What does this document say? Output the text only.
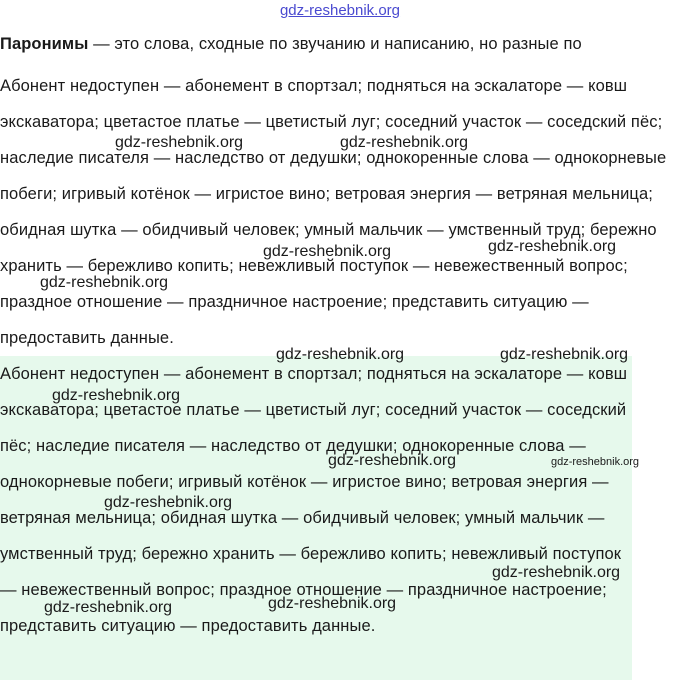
gdz-reshebnik.org

Паронимы — это слова, сходные по звучанию и написанию, но разные по

Абонент недоступен — абонемент в спортзал; подняться на эскалаторе — ковш экскаватора; цветастое платье — цветистый луг; соседний участок — соседский пёс; наследие писателя — наследство от дедушки; однокоренные слова — однокорневые побеги; игривый котёнок — игристое вино; ветровая энергия — ветряная мельница; обидная шутка — обидчивый человек; умный мальчик — умственный труд; бережно хранить — бережливо копить; невежливый поступок — невежественный вопрос; праздное отношение — праздничное настроение; представить ситуацию — предоставить данные.

Абонент недоступен — абонемент в спортзал; подняться на эскалаторе — ковш экскаватора; цветастое платье — цветистый луг; соседний участок — соседский пёс; наследие писателя — наследство от дедушки; однокоренные слова — однокорневые побеги; игривый котёнок — игристое вино; ветровая энергия — ветряная мельница; обидная шутка — обидчивый человек; умный мальчик — умственный труд; бережно хранить — бережливо копить; невежливый поступок — невежественный вопрос; праздное отношение — праздничное настроение; представить ситуацию — предоставить данные.

gdz-reshebnik.org	gdz-reshebnik.org
gdz-reshebnik.org	gdz-reshebnik.org
gdz-reshebnik.org
gdz-reshebnik.org	gdz-reshebnik.org
gdz-reshebnik.org
gdz-reshebnik.org	gdz-reshebnik.org
gdz-reshebnik.org
gdz-reshebnik.org
gdz-reshebnik.org
gdz-reshebnik.org
